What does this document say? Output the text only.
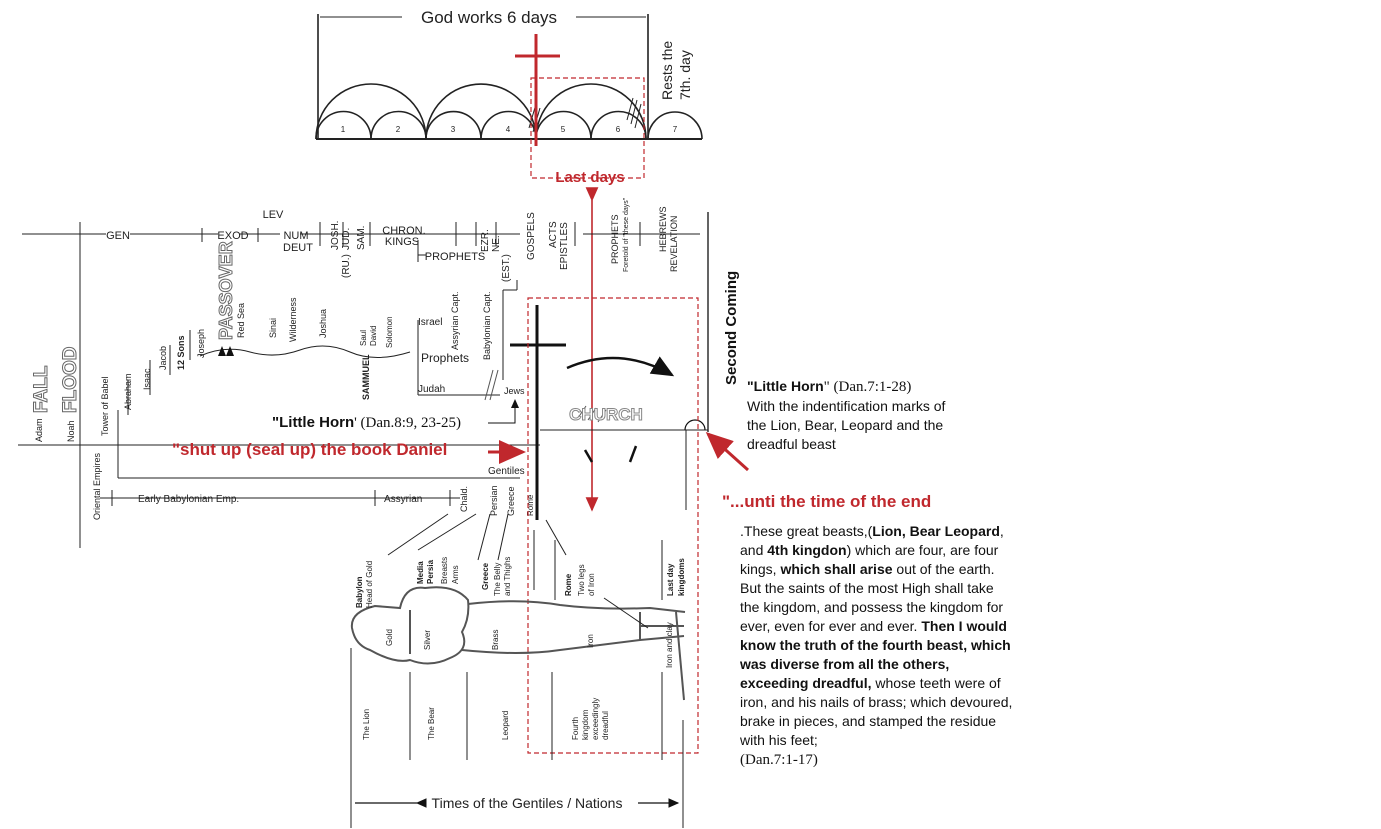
God works 6 days
Rests the 7th. day
1	2	3	4	5	6	7
Last days
GEN	EXOD
LEV
NUM
DEUT JOSH. JUD.
(RU.)
SAM. CHRON.
KINGS
PROPHETS
EZR. NE.
(EST.)
GOSPELS ACTS EPISTLES	PROPHETS Foretold of "these days"	HEBREWS REVELATION
Second Coming
CHURCH
FALL FLOOD
Adam Noah	Tower of Babel Abraham Isaac
Jacob 12 Sons Joseph
PASSOVER Red Sea Sinai Wilderness Joshua	Saul David Solomon
SAMMUEL
Israel
Prophets
Judah
Assyrian Capt. Babylonian Capt.
Jews
Gentiles
Oriental Empires	Early Babylonian Emp.	Assyrian	Chald. Persian Greece Rome
"Little Horn' (Dan.8:9, 23-25)
"shut up (seal up) the book Daniel
"...unti the time of the end
Babylon Head of Gold	Media Persia Breasts Arms	Greece The Belly and Thighs	Rome Two legs of Iron	Last day kingdoms
Gold	Silver	Brass	Iron	Iron and clay
The Lion	The Bear	Leopard	Fourth kingdom exceedingly dreadful
Times of the Gentiles / Nations
"Little Horn" (Dan.7:1-28)
With the indentification marks of the Lion, Bear, Leopard and the dreadful beast
.These great beasts,(Lion, Bear Leopard, and 4th kingdon) which are four, are four kings, which shall arise out of the earth. But the saints of the most High shall take the kingdom, and possess the kingdom for ever, even for ever and ever. Then I would know the truth of the fourth beast, which was diverse from all the others, exceeding dreadful, whose teeth were of iron, and his nails of brass; which devoured, brake in pieces, and stamped the residue with his feet;
(Dan.7:1-17)
